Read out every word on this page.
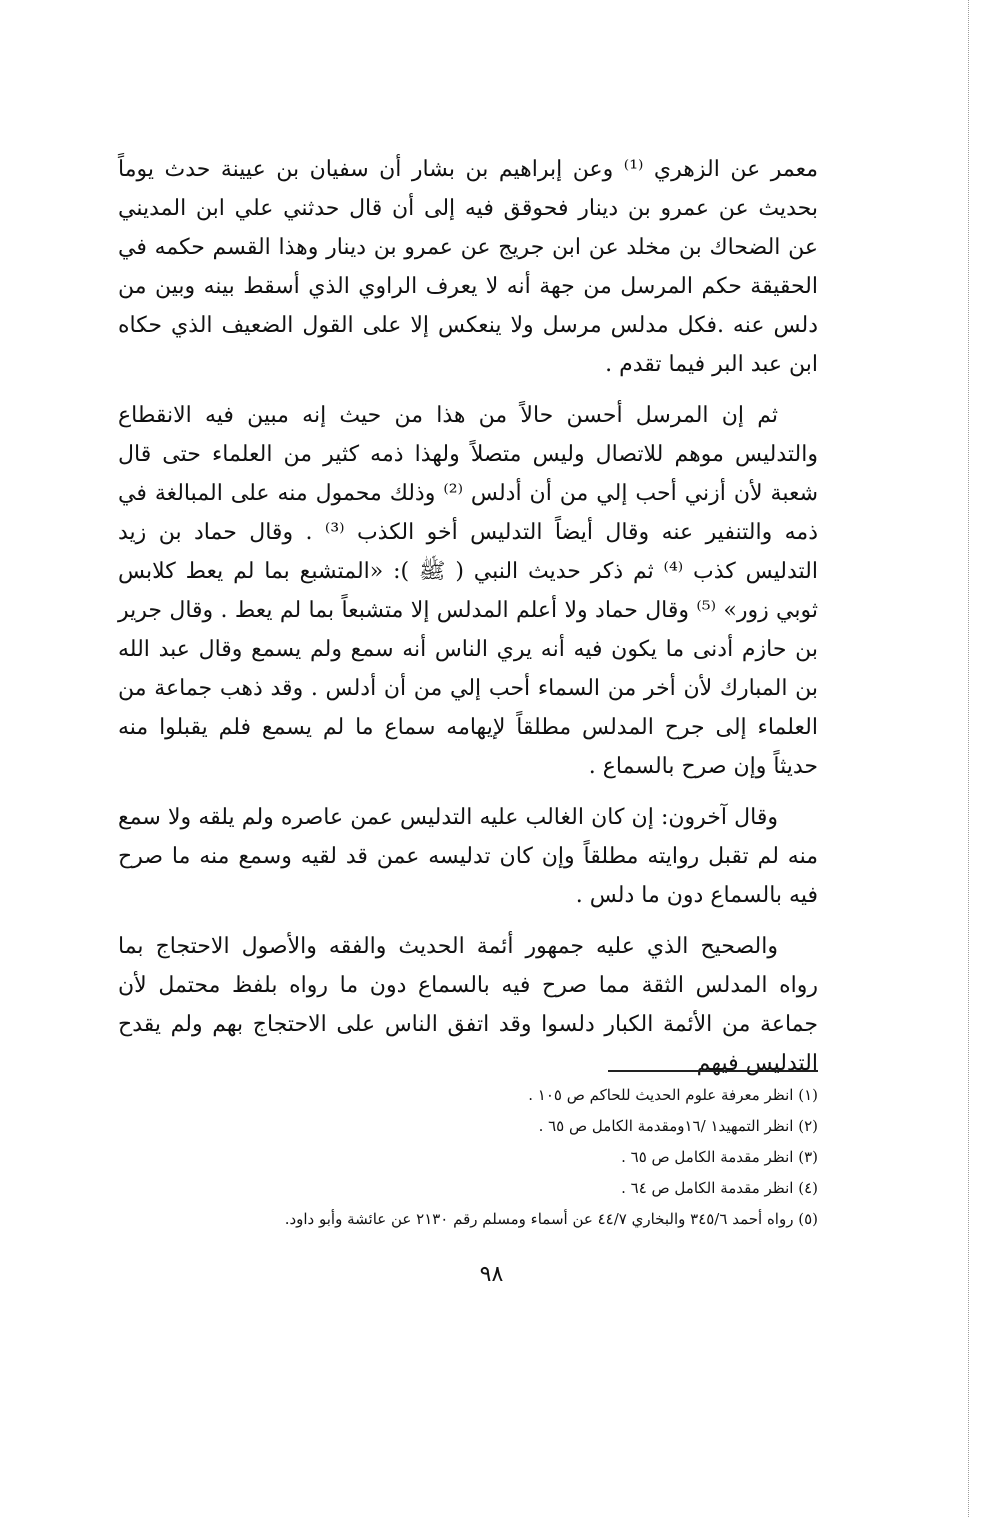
معمر عن الزهري ⁽¹⁾ وعن إبراهيم بن بشار أن سفيان بن عيينة حدث يوماً بحديث عن عمرو بن دينار فحوقق فيه إلى أن قال حدثني علي ابن المديني عن الضحاك بن مخلد عن ابن جريج عن عمرو بن دينار وهذا القسم حكمه في الحقيقة حكم المرسل من جهة أنه لا يعرف الراوي الذي أسقط بينه وبين من دلس عنه .فكل مدلس مرسل ولا ينعكس إلا على القول الضعيف الذي حكاه ابن عبد البر فيما تقدم .

ثم إن المرسل أحسن حالاً من هذا من حيث إنه مبين فيه الانقطاع والتدليس موهم للاتصال وليس متصلاً ولهذا ذمه كثير من العلماء حتى قال شعبة لأن أزني أحب إلي من أن أدلس ⁽²⁾ وذلك محمول منه على المبالغة في ذمه والتنفير عنه وقال أيضاً التدليس أخو الكذب ⁽³⁾ . وقال حماد بن زيد التدليس كذب ⁽⁴⁾ ثم ذكر حديث النبي ( ﷺ ): «المتشبع بما لم يعط كلابس ثوبي زور» ⁽⁵⁾ وقال حماد ولا أعلم المدلس إلا متشبعاً بما لم يعط . وقال جرير بن حازم أدنى ما يكون فيه أنه يري الناس أنه سمع ولم يسمع وقال عبد الله بن المبارك لأن أخر من السماء أحب إلي من أن أدلس . وقد ذهب جماعة من العلماء إلى جرح المدلس مطلقاً لإيهامه سماع ما لم يسمع فلم يقبلوا منه حديثاً وإن صرح بالسماع .

وقال آخرون: إن كان الغالب عليه التدليس عمن عاصره ولم يلقه ولا سمع منه لم تقبل روايته مطلقاً وإن كان تدليسه عمن قد لقيه وسمع منه ما صرح فيه بالسماع دون ما دلس .

والصحيح الذي عليه جمهور أئمة الحديث والفقه والأصول الاحتجاج بما رواه المدلس الثقة مما صرح فيه بالسماع دون ما رواه بلفظ محتمل لأن جماعة من الأئمة الكبار دلسوا وقد اتفق الناس على الاحتجاج بهم ولم يقدح التدليس فيهم

(١) انظر معرفة علوم الحديث للحاكم ص ١٠٥ .

(٢) انظر التمهيد١ /١٦ومقدمة الكامل ص ٦٥ .

(٣) انظر مقدمة الكامل ص ٦٥ .

(٤) انظر مقدمة الكامل ص ٦٤ .

(٥) رواه أحمد ٣٤٥/٦ والبخاري ٤٤/٧ عن أسماء ومسلم رقم ٢١٣٠ عن عائشة وأبو داود.

٩٨
